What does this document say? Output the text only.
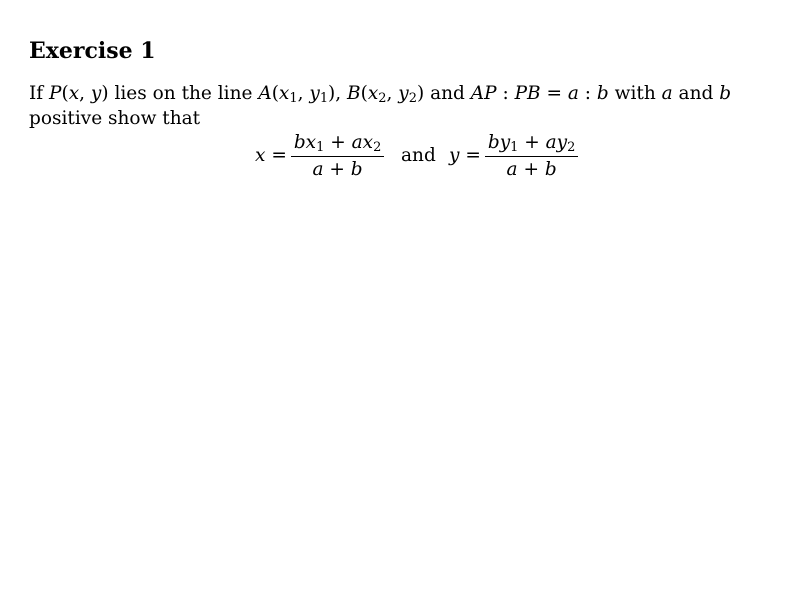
Exercise 1

If P(x, y) lies on the line $A(x_1$, $y_1$), $B(x_2$, $y_2$) and AP : PB = a : b with a and b positive show that

$x = \frac{bx_1 + ax_2}{a + b}$ and $y = \frac{by_1 + ay_2}{a + b}$
